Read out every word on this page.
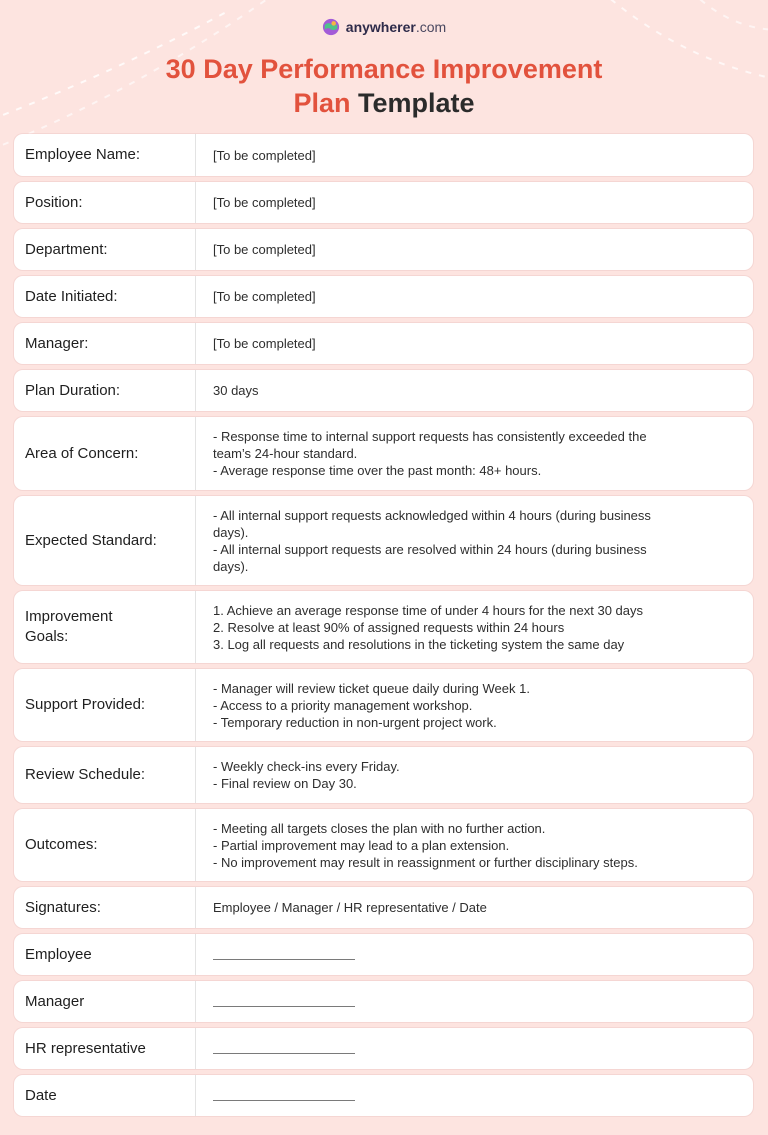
anywherer.com
30 Day Performance Improvement
Plan Template
Employee Name:	[To be completed]
Position:	[To be completed]
Department:	[To be completed]
Date Initiated:	[To be completed]
Manager:	[To be completed]
Plan Duration:	30 days
Area of Concern:
- Response time to internal support requests has consistently exceeded the
team’s 24-hour standard.
- Average response time over the past month: 48+ hours.
Expected Standard:
- All internal support requests acknowledged within 4 hours (during business
days).
- All internal support requests are resolved within 24 hours (during business
days).
Improvement
Goals:
1. Achieve an average response time of under 4 hours for the next 30 days
2. Resolve at least 90% of assigned requests within 24 hours
3. Log all requests and resolutions in the ticketing system the same day
Support Provided:
- Manager will review ticket queue daily during Week 1.
- Access to a priority management workshop.
- Temporary reduction in non-urgent project work.
Review Schedule:	- Weekly check-ins every Friday.
- Final review on Day 30.
Outcomes:
- Meeting all targets closes the plan with no further action.
- Partial improvement may lead to a plan extension.
- No improvement may result in reassignment or further disciplinary steps.
Signatures:	Employee / Manager / HR representative / Date
Employee
Manager
HR representative
Date
